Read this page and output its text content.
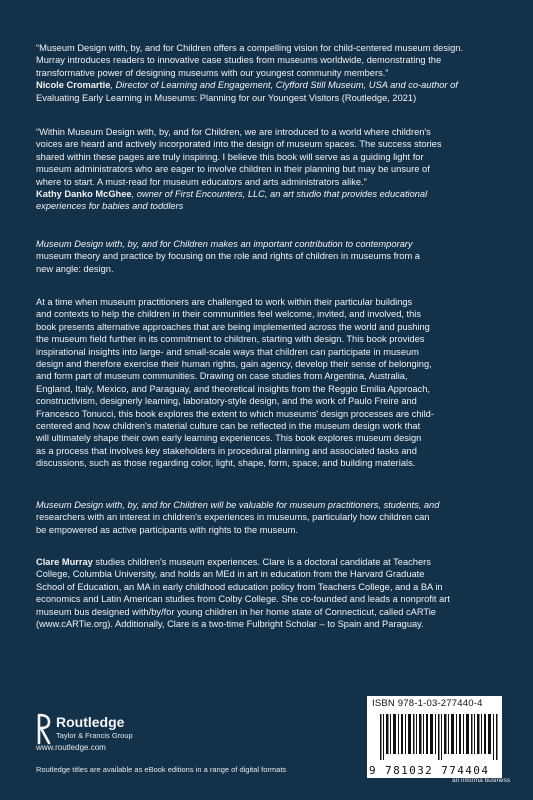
“Museum Design with, by, and for Children offers a compelling vision for child-centered museum design.
Murray introduces readers to innovative case studies from museums worldwide, demonstrating the
transformative power of designing museums with our youngest community members.”

Nicole Cromartie, Director of Learning and Engagement, Clyfford Still Museum, USA and co-author of
Evaluating Early Learning in Museums: Planning for our Youngest Visitors (Routledge, 2021)

“Within Museum Design with, by, and for Children, we are introduced to a world where children's
voices are heard and actively incorporated into the design of museum spaces. The success stories
shared within these pages are truly inspiring. I believe this book will serve as a guiding light for
museum administrators who are eager to involve children in their planning but may be unsure of
where to start. A must-read for museum educators and arts administrators alike.”

Kathy Danko McGhee, owner of First Encounters, LLC, an art studio that provides educational
experiences for babies and toddlers

Museum Design with, by, and for Children makes an important contribution to contemporary
museum theory and practice by focusing on the role and rights of children in museums from a
new angle: design.

At a time when museum practitioners are challenged to work within their particular buildings
and contexts to help the children in their communities feel welcome, invited, and involved, this
book presents alternative approaches that are being implemented across the world and pushing
the museum field further in its commitment to children, starting with design. This book provides
inspirational insights into large- and small-scale ways that children can participate in museum
design and therefore exercise their human rights, gain agency, develop their sense of belonging,
and form part of museum communities. Drawing on case studies from Argentina, Australia,
England, Italy, Mexico, and Paraguay, and theoretical insights from the Reggio Emilia Approach,
constructivism, designerly learning, laboratory-style design, and the work of Paulo Freire and
Francesco Tonucci, this book explores the extent to which museums' design processes are child-
centered and how children's material culture can be reflected in the museum design work that
will ultimately shape their own early learning experiences. This book explores museum design
as a process that involves key stakeholders in procedural planning and associated tasks and
discussions, such as those regarding color, light, shape, form, space, and building materials.

Museum Design with, by, and for Children will be valuable for museum practitioners, students, and
researchers with an interest in children's experiences in museums, particularly how children can
be empowered as active participants with rights to the museum.

Clare Murray studies children's museum experiences. Clare is a doctoral candidate at Teachers
College, Columbia University, and holds an MEd in art in education from the Harvard Graduate
School of Education, an MA in early childhood education policy from Teachers College, and a BA in
economics and Latin American studies from Colby College. She co-founded and leads a nonprofit art
museum bus designed with/by/for young children in her home state of Connecticut, called cARTie
(www.cARTie.org). Additionally, Clare is a two-time Fulbright Scholar – to Spain and Paraguay.

Routledge
Taylor & Francis Group
www.routledge.com
Routledge titles are available as eBook editions in a range of digital formats
ISBN 978-1-03-277440-4
9 781032 774404
an informa business
